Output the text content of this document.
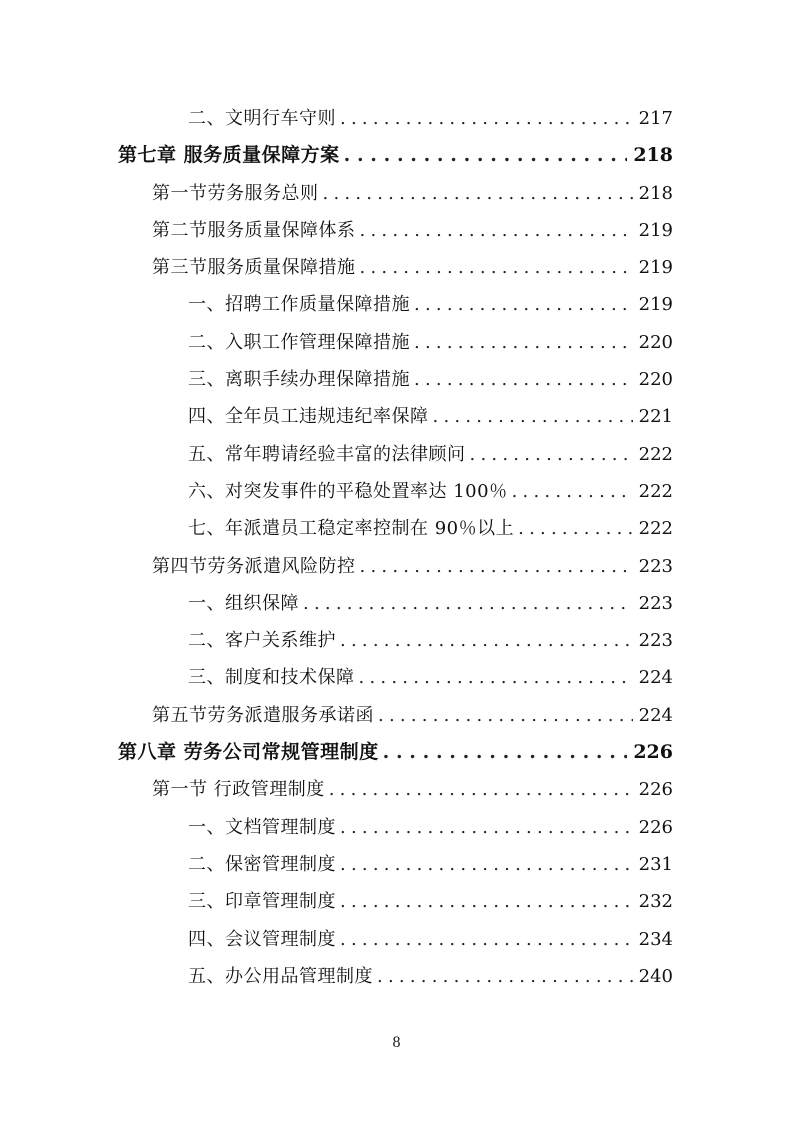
二、文明行车守则 . . .	217
第七章 服务质量保障方案 . . .	218
第一节劳务服务总则 . . .	218
第二节服务质量保障体系 . . .	219
第三节服务质量保障措施 . . .	219
一、招聘工作质量保障措施 . . .	219
二、入职工作管理保障措施 . . .	220
三、离职手续办理保障措施 . . .	220
四、全年员工违规违纪率保障 . . .	221
五、常年聘请经验丰富的法律顾问 . . .	222
六、对突发事件的平稳处置率达 100％ . . .	222
七、年派遣员工稳定率控制在 90％以上 . . .	222
第四节劳务派遣风险防控 . . .	223
一、组织保障 . . .	223
二、客户关系维护 . . .	223
三、制度和技术保障 . . .	224
第五节劳务派遣服务承诺函 . . .	224
第八章 劳务公司常规管理制度 . . .	226
第一节 行政管理制度 . . .	226
一、文档管理制度 . . .	226
二、保密管理制度 . . .	231
三、印章管理制度 . . .	232
四、会议管理制度 . . .	234
五、办公用品管理制度 . . .	240
8
